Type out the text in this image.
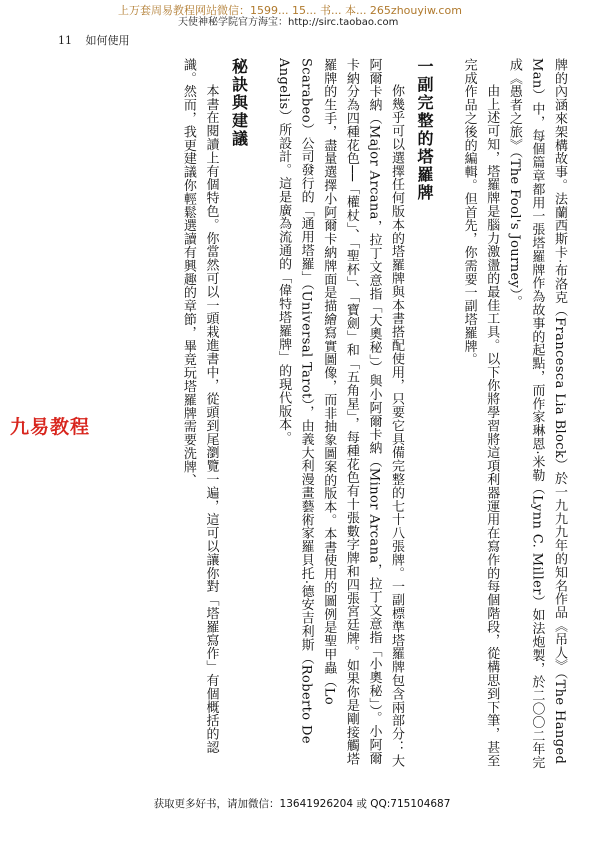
上万套周易教程网站微信：1599... 15... 书... 本... 265zhouyiw.com
天使神秘学院官方海宝：http://sirc.taobao.com
11 如何使用

牌的內涵來架構故事。法蘭西斯卡·布洛克（Francesca Lia Block）於一九九九年的知名作品《吊人》（The Hanged Man）中，每個篇章都用一張塔羅牌作為故事的起點，而作家琳恩·米勒（Lynn C. Miller）如法炮製，於二〇〇二年完成《愚者之旅》（The Fool's Journey）。

由上述可知，塔羅牌是腦力激盪的最佳工具。以下你將學習將這項利器運用在寫作的每個階段，從構思到下筆，甚至完成作品之後的編輯。但首先，你需要一副塔羅牌。

一副完整的塔羅牌

你幾乎可以選擇任何版本的塔羅牌與本書搭配使用，只要它具備完整的七十八張牌。一副標準塔羅牌包含兩部分：大阿爾卡納（Major Arcana，拉丁文意指「大奧秘」）與小阿爾卡納（Minor Arcana，拉丁文意指「小奧秘」）。小阿爾卡納分為四種花色──「權杖」、「聖杯」、「寶劍」和「五角星」，每種花色有十張數字牌和四張宮廷牌。如果你是剛接觸塔羅牌的生手，盡量選擇小阿爾卡納牌面是描繪寫實圖像，而非抽象圖案的版本。本書使用的圖例是聖甲蟲（Lo Scarabeo）公司發行的「通用塔羅」（Universal Tarot），由義大利漫畫藝術家羅貝托·德安吉利斯（Roberto De Angelis）所設計。這是廣為流通的「偉特塔羅牌」的現代版本。

秘訣與建議

本書在閱讀上有個特色。你當然可以一頭栽進書中，從頭到尾瀏覽一遍，這可以讓你對「塔羅寫作」有個概括的認識。然而，我更建議你輕鬆選讀有興趣的章節，畢竟玩塔羅牌需要洗牌、

九易教程
获取更多好书，请加微信：13641926204 或 QQ:715104687
